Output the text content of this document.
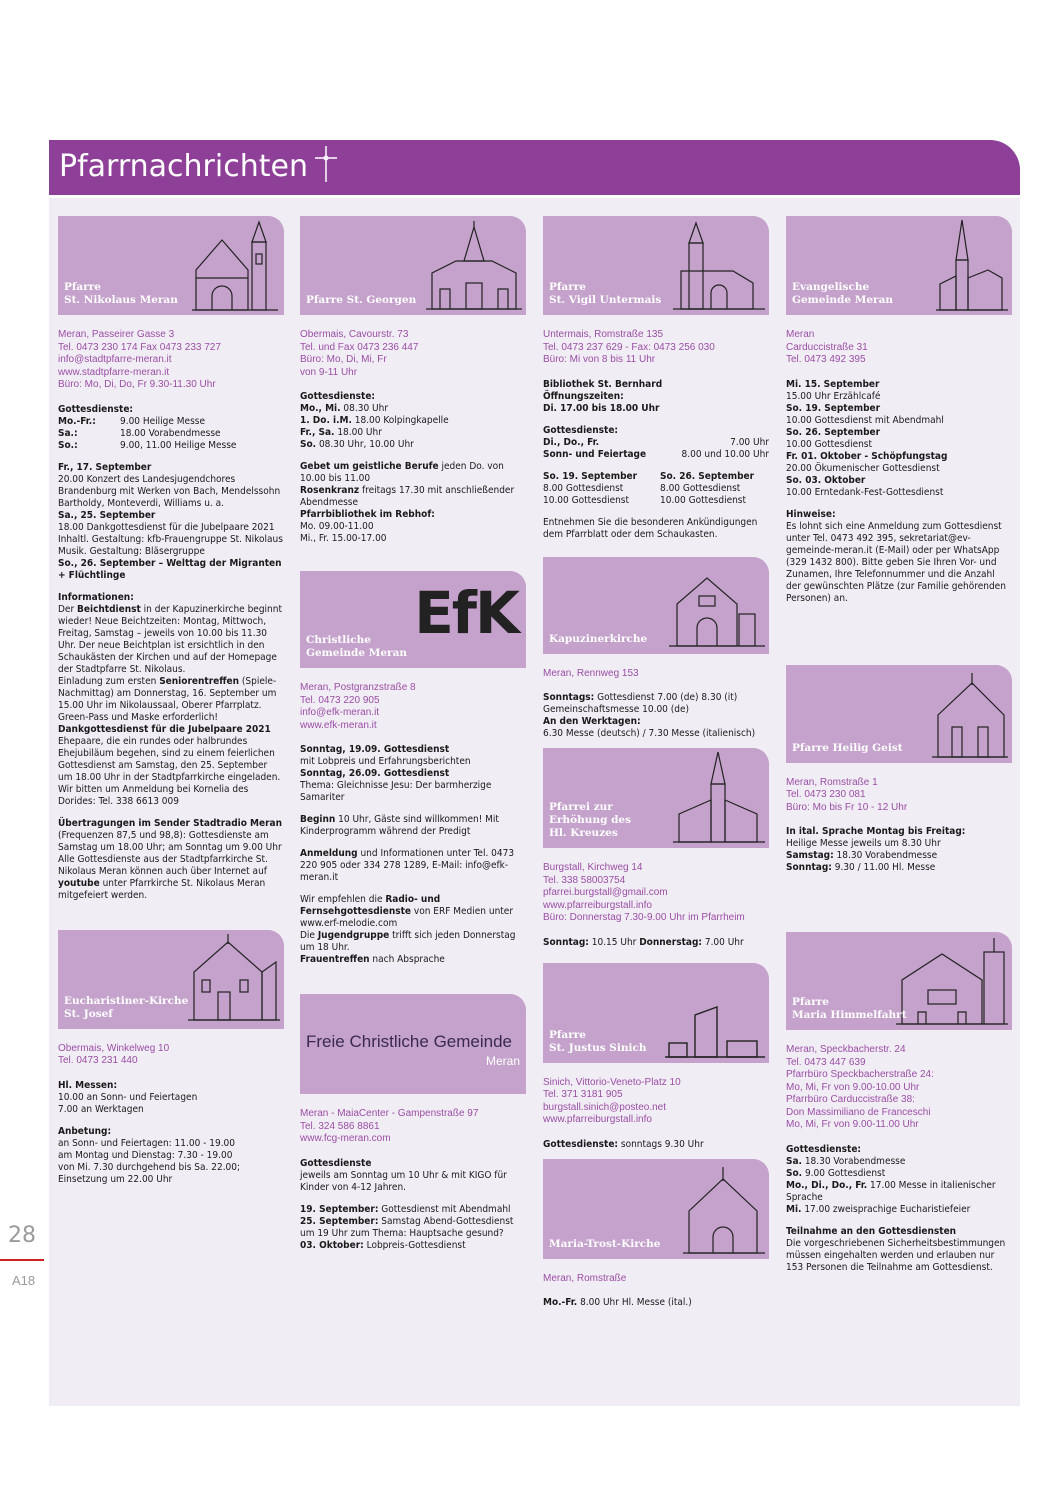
Pfarrnachrichten
28
A18
Pfarre
St. Nikolaus Meran
Meran, Passeirer Gasse 3
Tel. 0473 230 174 Fax 0473 233 727
info@stadtpfarre-meran.it
www.stadtpfarre-meran.it
Büro: Mo, Di, Do, Fr 9.30-11.30 Uhr
Gottesdienste:
Mo.-Fr.:	9.00 Heilige Messe
Sa.:	18.00 Vorabendmesse
So.:	9.00, 11.00 Heilige Messe
Fr., 17. September
20.00 Konzert des Landesjugendchores Brandenburg mit Werken von Bach, Mendelssohn Bartholdy, Monteverdi, Williams u. a.
Sa., 25. September
18.00 Dankgottesdienst für die Jubelpaare 2021
Inhaltl. Gestaltung: kfb-Frauengruppe St. Nikolaus
Musik. Gestaltung: Bläsergruppe
So., 26. September – Welttag der Migranten + Flüchtlinge
Informationen:
Der Beichtdienst in der Kapuzinerkirche beginnt wieder! Neue Beichtzeiten: Montag, Mittwoch, Freitag, Samstag – jeweils von 10.00 bis 11.30 Uhr. Der neue Beichtplan ist ersichtlich in den Schaukästen der Kirchen und auf der Homepage der Stadtpfarre St. Nikolaus.
Einladung zum ersten Seniorentreffen (Spiele-Nachmittag) am Donnerstag, 16. September um 15.00 Uhr im Nikolaussaal, Oberer Pfarrplatz. Green-Pass und Maske erforderlich!
Dankgottesdienst für die Jubelpaare 2021
Ehepaare, die ein rundes oder halbrundes Ehejubiläum begehen, sind zu einem feierlichen Gottesdienst am Samstag, den 25. September um 18.00 Uhr in der Stadtpfarrkirche eingeladen. Wir bitten um Anmeldung bei Kornelia des Dorides: Tel. 338 6613 009
Übertragungen im Sender Stadtradio Meran (Frequenzen 87,5 und 98,8): Gottesdienste am Samstag um 18.00 Uhr; am Sonntag um 9.00 Uhr
Alle Gottesdienste aus der Stadtpfarrkirche St. Nikolaus Meran können auch über Internet auf youtube unter Pfarrkirche St. Nikolaus Meran mitgefeiert werden.
Eucharistiner-Kirche
St. Josef
Obermais, Winkelweg 10
Tel. 0473 231 440
Hl. Messen:
10.00 an Sonn- und Feiertagen
7.00 an Werktagen
Anbetung:
an Sonn- und Feiertagen: 11.00 - 19.00
am Montag und Dienstag: 7.30 - 19.00
von Mi. 7.30 durchgehend bis Sa. 22.00;
Einsetzung um 22.00 Uhr
Pfarre St. Georgen
Obermais, Cavourstr. 73
Tel. und Fax 0473 236 447
Büro: Mo, Di, Mi, Fr
von 9-11 Uhr
Gottesdienste:
Mo., Mi. 08.30 Uhr
1. Do. i.M. 18.00 Kolpingkapelle
Fr., Sa. 18.00 Uhr
So. 08.30 Uhr, 10.00 Uhr
Gebet um geistliche Berufe jeden Do. von 10.00 bis 11.00
Rosenkranz freitags 17.30 mit anschließender Abendmesse
Pfarrbibliothek im Rebhof:
Mo. 09.00-11.00
Mi., Fr. 15.00-17.00
EfK
Christliche
Gemeinde Meran
Meran, Postgranzstraße 8
Tel. 0473 220 905
info@efk-meran.it
www.efk-meran.it
Sonntag, 19.09. Gottesdienst
mit Lobpreis und Erfahrungsberichten
Sonntag, 26.09. Gottesdienst
Thema: Gleichnisse Jesu: Der barmherzige Samariter
Beginn 10 Uhr, Gäste sind willkommen! Mit Kinderprogramm während der Predigt
Anmeldung und Informationen unter Tel. 0473 220 905 oder 334 278 1289, E-Mail: info@efk-meran.it
Wir empfehlen die Radio- und Fernsehgottesdienste von ERF Medien unter www.erf-melodie.com
Die Jugendgruppe trifft sich jeden Donnerstag um 18 Uhr.
Frauentreffen nach Absprache
Freie Christliche Gemeinde
Meran
Meran - MaiaCenter - Gampenstraße 97
Tel. 324 586 8861
www.fcg-meran.com
Gottesdienste
jeweils am Sonntag um 10 Uhr & mit KIGO für Kinder von 4-12 Jahren.
19. September: Gottesdienst mit Abendmahl
25. September: Samstag Abend-Gottesdienst um 19 Uhr zum Thema: Hauptsache gesund?
03. Oktober: Lobpreis-Gottesdienst
Pfarre
St. Vigil Untermais
Untermais, Romstraße 135
Tel. 0473 237 629 - Fax: 0473 256 030
Büro: Mi von 8 bis 11 Uhr
Bibliothek St. Bernhard
Öffnungszeiten:
Di. 17.00 bis 18.00 Uhr
Gottesdienste:
Di., Do., Fr.	7.00 Uhr
Sonn- und Feiertage	8.00 und 10.00 Uhr
So. 19. September
8.00 Gottesdienst
10.00 Gottesdienst
So. 26. September
8.00 Gottesdienst
10.00 Gottesdienst
Entnehmen Sie die besonderen Ankündigungen dem Pfarrblatt oder dem Schaukasten.
Kapuzinerkirche
Meran, Rennweg 153
Sonntags: Gottesdienst 7.00 (de) 8.30 (it)
Gemeinschaftsmesse 10.00 (de)
An den Werktagen:
6.30 Messe (deutsch) / 7.30 Messe (italienisch)
Pfarrei zur
Erhöhung des
Hl. Kreuzes
Burgstall, Kirchweg 14
Tel. 338 58003754
pfarrei.burgstall@gmail.com
www.pfarreiburgstall.info
Büro: Donnerstag 7.30-9.00 Uhr im Pfarrheim
Sonntag: 10.15 Uhr Donnerstag: 7.00 Uhr
Pfarre
St. Justus Sinich
Sinich, Vittorio-Veneto-Platz 10
Tel. 371 3181 905
burgstall.sinich@posteo.net
www.pfarreiburgstall.info
Gottesdienste: sonntags 9.30 Uhr
Maria-Trost-Kirche
Meran, Romstraße
Mo.-Fr. 8.00 Uhr Hl. Messe (ital.)
Evangelische
Gemeinde Meran
Meran
Carduccistraße 31
Tel. 0473 492 395
Mi. 15. September
15.00 Uhr Erzählcafé
So. 19. September
10.00 Gottesdienst mit Abendmahl
So. 26. September
10.00 Gottesdienst
Fr. 01. Oktober - Schöpfungstag
20.00 Ökumenischer Gottesdienst
So. 03. Oktober
10.00 Erntedank-Fest-Gottesdienst
Hinweise:
Es lohnt sich eine Anmeldung zum Gottesdienst unter Tel. 0473 492 395, sekretariat@ev-gemeinde-meran.it (E-Mail) oder per WhatsApp (329 1432 800). Bitte geben Sie Ihren Vor- und Zunamen, Ihre Telefonnummer und die Anzahl der gewünschten Plätze (zur Familie gehörenden Personen) an.
Pfarre Heilig Geist
Meran, Romstraße 1
Tel. 0473 230 081
Büro: Mo bis Fr 10 - 12 Uhr
In ital. Sprache Montag bis Freitag:
Heilige Messe jeweils um 8.30 Uhr
Samstag: 18.30 Vorabendmesse
Sonntag: 9.30 / 11.00 Hl. Messe
Pfarre
Maria Himmelfahrt
Meran, Speckbacherstr. 24
Tel. 0473 447 639
Pfarrbüro Speckbacherstraße 24:
Mo, Mi, Fr von 9.00-10.00 Uhr
Pfarrbüro Carduccistraße 38:
Don Massimiliano de Franceschi
Mo, Mi, Fr von 9.00-11.00 Uhr
Gottesdienste:
Sa. 18.30 Vorabendmesse
So. 9.00 Gottesdienst
Mo., Di., Do., Fr. 17.00 Messe in italienischer Sprache
Mi. 17.00 zweisprachige Eucharistiefeier
Teilnahme an den Gottesdiensten
Die vorgeschriebenen Sicherheitsbestimmungen müssen eingehalten werden und erlauben nur 153 Personen die Teilnahme am Gottesdienst.
